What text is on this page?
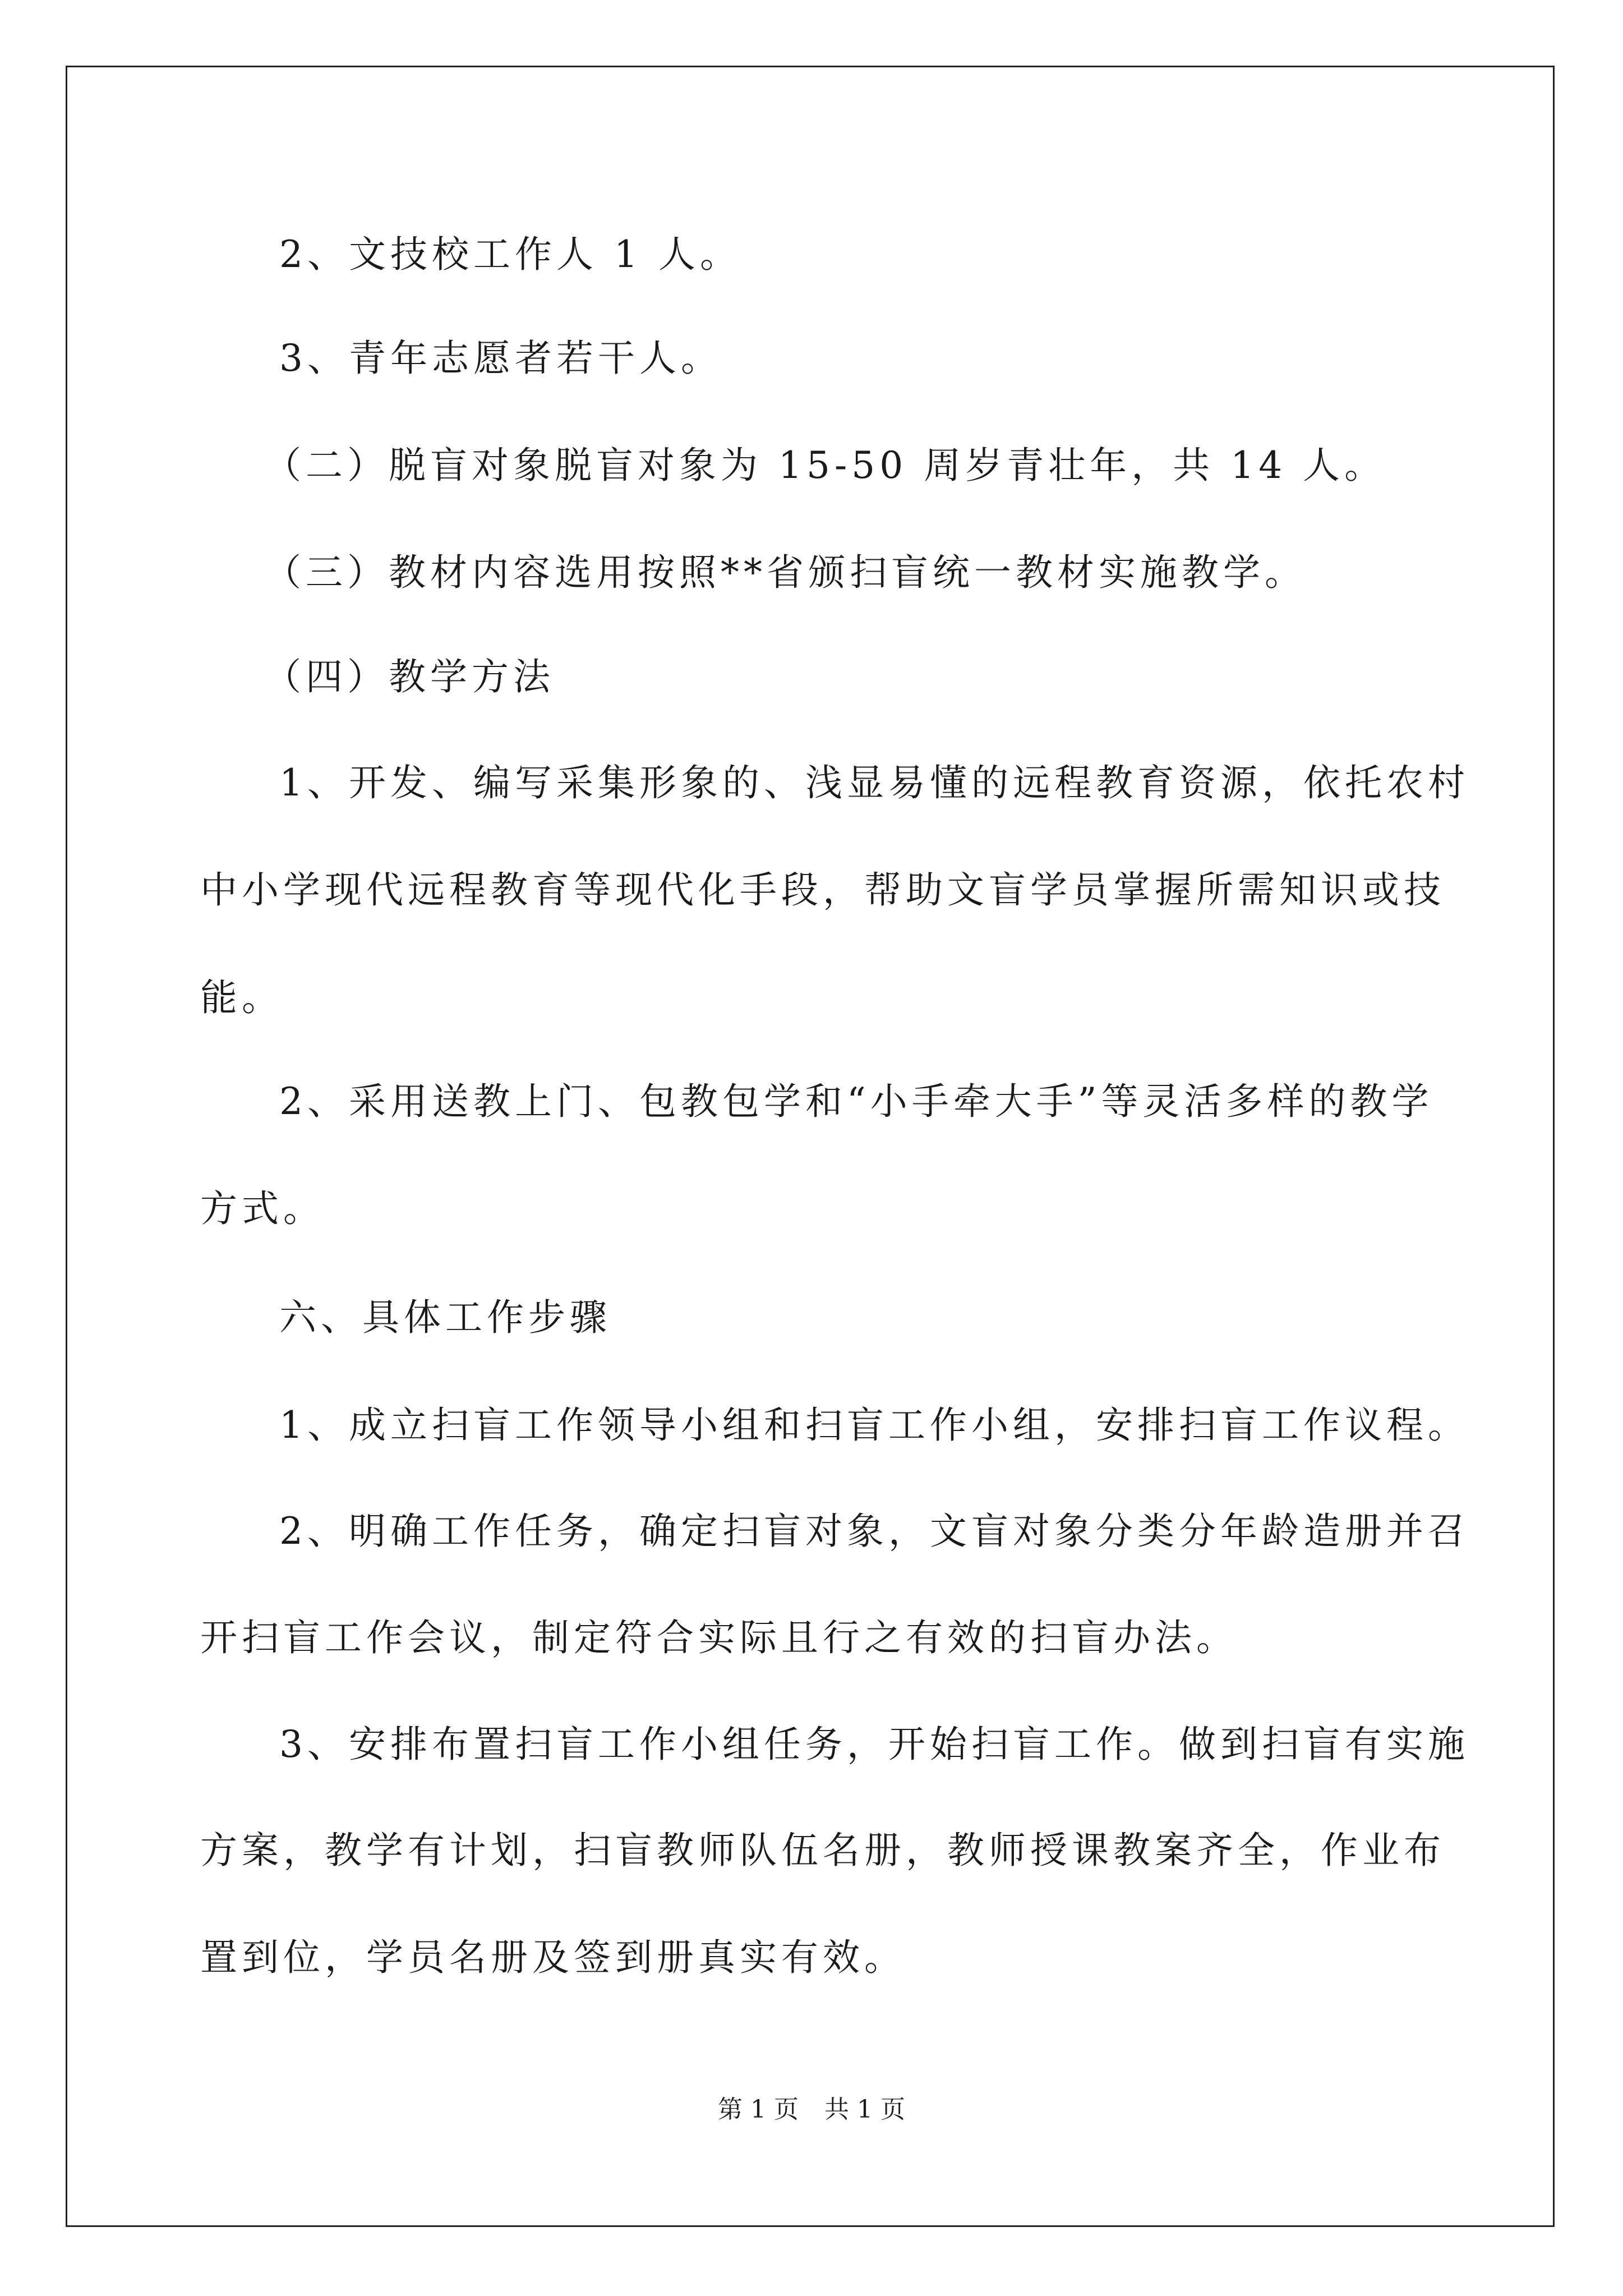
2、文技校工作人 1 人。

3、青年志愿者若干人。

（二）脱盲对象脱盲对象为 15-50 周岁青壮年，共 14 人。

（三）教材内容选用按照**省颁扫盲统一教材实施教学。

（四）教学方法

1、开发、编写采集形象的、浅显易懂的远程教育资源，依托农村

中小学现代远程教育等现代化手段，帮助文盲学员掌握所需知识或技

能。

2、采用送教上门、包教包学和“小手牵大手”等灵活多样的教学

方式。

六、具体工作步骤

1、成立扫盲工作领导小组和扫盲工作小组，安排扫盲工作议程。

2、明确工作任务，确定扫盲对象，文盲对象分类分年龄造册并召

开扫盲工作会议，制定符合实际且行之有效的扫盲办法。

3、安排布置扫盲工作小组任务，开始扫盲工作。做到扫盲有实施

方案，教学有计划，扫盲教师队伍名册，教师授课教案齐全，作业布

置到位，学员名册及签到册真实有效。

第 1 页 共 1 页
